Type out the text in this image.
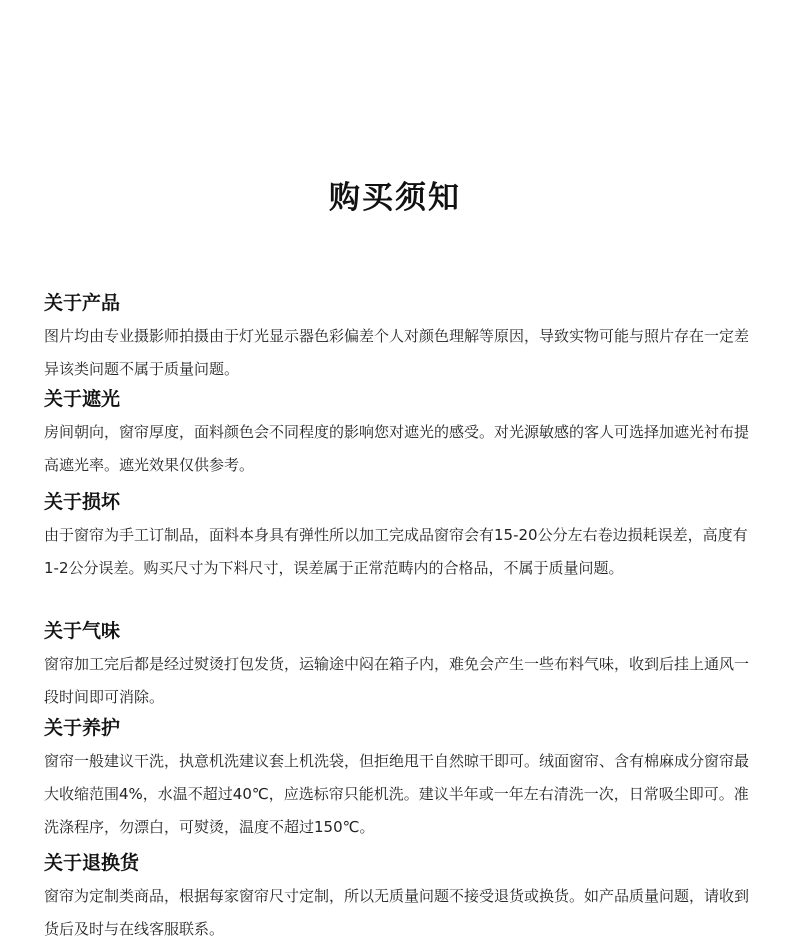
购买须知
关于产品

图片均由专业摄影师拍摄由于灯光显示器色彩偏差个人对颜色理解等原因，导致实物可能与照片存在一定差异该类问题不属于质量问题。

关于遮光

房间朝向，窗帘厚度，面料颜色会不同程度的影响您对遮光的感受。对光源敏感的客人可选择加遮光衬布提高遮光率。遮光效果仅供参考。

关于损坏

由于窗帘为手工订制品，面料本身具有弹性所以加工完成品窗帘会有15-20公分左右卷边损耗误差，高度有1-2公分误差。购买尺寸为下料尺寸，误差属于正常范畴内的合格品，不属于质量问题。

关于气味

窗帘加工完后都是经过熨烫打包发货，运输途中闷在箱子内，难免会产生一些布料气味，收到后挂上通风一段时间即可消除。

关于养护

窗帘一般建议干洗，执意机洗建议套上机洗袋，但拒绝甩干自然晾干即可。绒面窗帘、含有棉麻成分窗帘最大收缩范围4%，水温不超过40℃，应选标帘只能机洗。建议半年或一年左右清洗一次，日常吸尘即可。准洗涤程序，勿漂白，可熨烫，温度不超过150℃。

关于退换货

窗帘为定制类商品，根据每家窗帘尺寸定制，所以无质量问题不接受退货或换货。如产品质量问题，请收到货后及时与在线客服联系。
